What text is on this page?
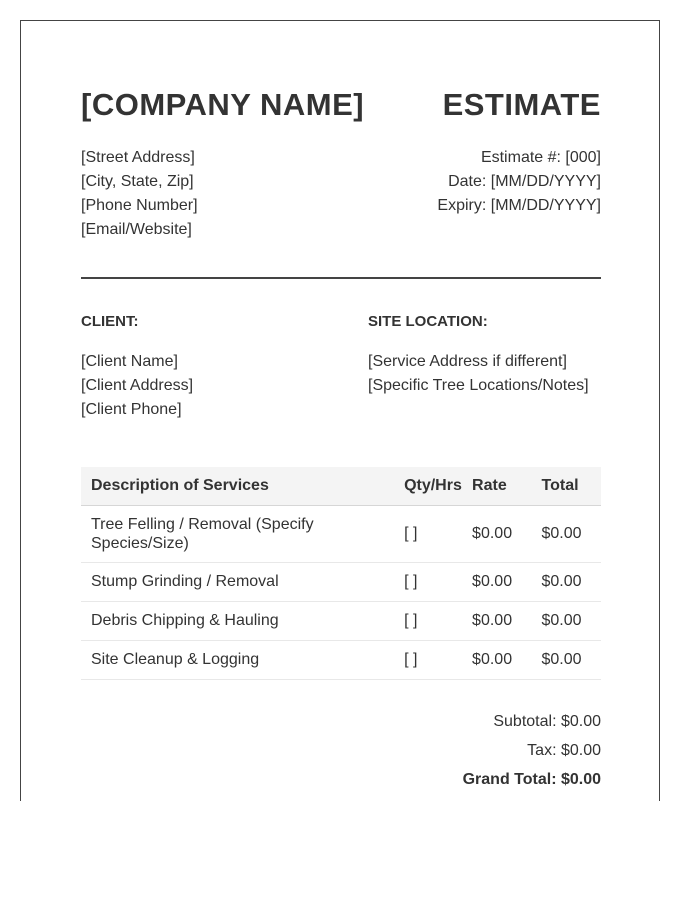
[COMPANY NAME]	ESTIMATE
[Street Address]
[City, State, Zip]
[Phone Number]
[Email/Website]
Estimate #: [000]
Date: [MM/DD/YYYY]
Expiry: [MM/DD/YYYY]
CLIENT:
[Client Name]
[Client Address]
[Client Phone]
SITE LOCATION:
[Service Address if different]
[Specific Tree Locations/Notes]
Description of Services	Qty/Hrs	Rate	Total
Tree Felling / Removal (Specify Species/Size)	[ ]	$0.00	$0.00
Stump Grinding / Removal	[ ]	$0.00	$0.00
Debris Chipping & Hauling	[ ]	$0.00	$0.00
Site Cleanup & Logging	[ ]	$0.00	$0.00
Subtotal: $0.00
Tax: $0.00
Grand Total: $0.00
